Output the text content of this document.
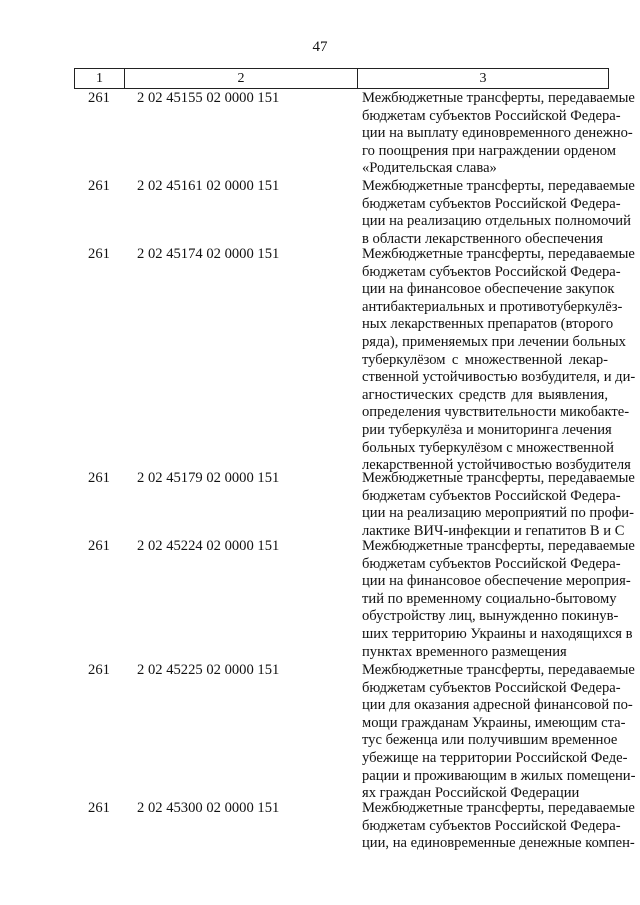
47
1	2	3
261	2 02 45155 02 0000 151	Межбюджетные трансферты, передаваемые
бюджетам субъектов Российской Федера-
ции на выплату единовременного денежно-
го поощрения при награждении орденом
«Родительская слава»
261	2 02 45161 02 0000 151	Межбюджетные трансферты, передаваемые
бюджетам субъектов Российской Федера-
ции на реализацию отдельных полномочий
в области лекарственного обеспечения
261	2 02 45174 02 0000 151	Межбюджетные трансферты, передаваемые
бюджетам субъектов Российской Федера-
ции на финансовое обеспечение закупок
антибактериальных и противотуберкулёз-
ных лекарственных препаратов (второго
ряда), применяемых при лечении больных
туберкулёзом с множественной лекар-
ственной устойчивостью возбудителя, и ди-
агностических средств для выявления,
определения чувствительности микобакте-
рии туберкулёза и мониторинга лечения
больных туберкулёзом с множественной
лекарственной устойчивостью возбудителя
261	2 02 45179 02 0000 151	Межбюджетные трансферты, передаваемые
бюджетам субъектов Российской Федера-
ции на реализацию мероприятий по профи-
лактике ВИЧ-инфекции и гепатитов В и С
261	2 02 45224 02 0000 151	Межбюджетные трансферты, передаваемые
бюджетам субъектов Российской Федера-
ции на финансовое обеспечение мероприя-
тий по временному социально-бытовому
обустройству лиц, вынужденно покинув-
ших территорию Украины и находящихся в
пунктах временного размещения
261	2 02 45225 02 0000 151	Межбюджетные трансферты, передаваемые
бюджетам субъектов Российской Федера-
ции для оказания адресной финансовой по-
мощи гражданам Украины, имеющим ста-
тус беженца или получившим временное
убежище на территории Российской Феде-
рации и проживающим в жилых помещени-
ях граждан Российской Федерации
261	2 02 45300 02 0000 151	Межбюджетные трансферты, передаваемые
бюджетам субъектов Российской Федера-
ции, на единовременные денежные компен-
